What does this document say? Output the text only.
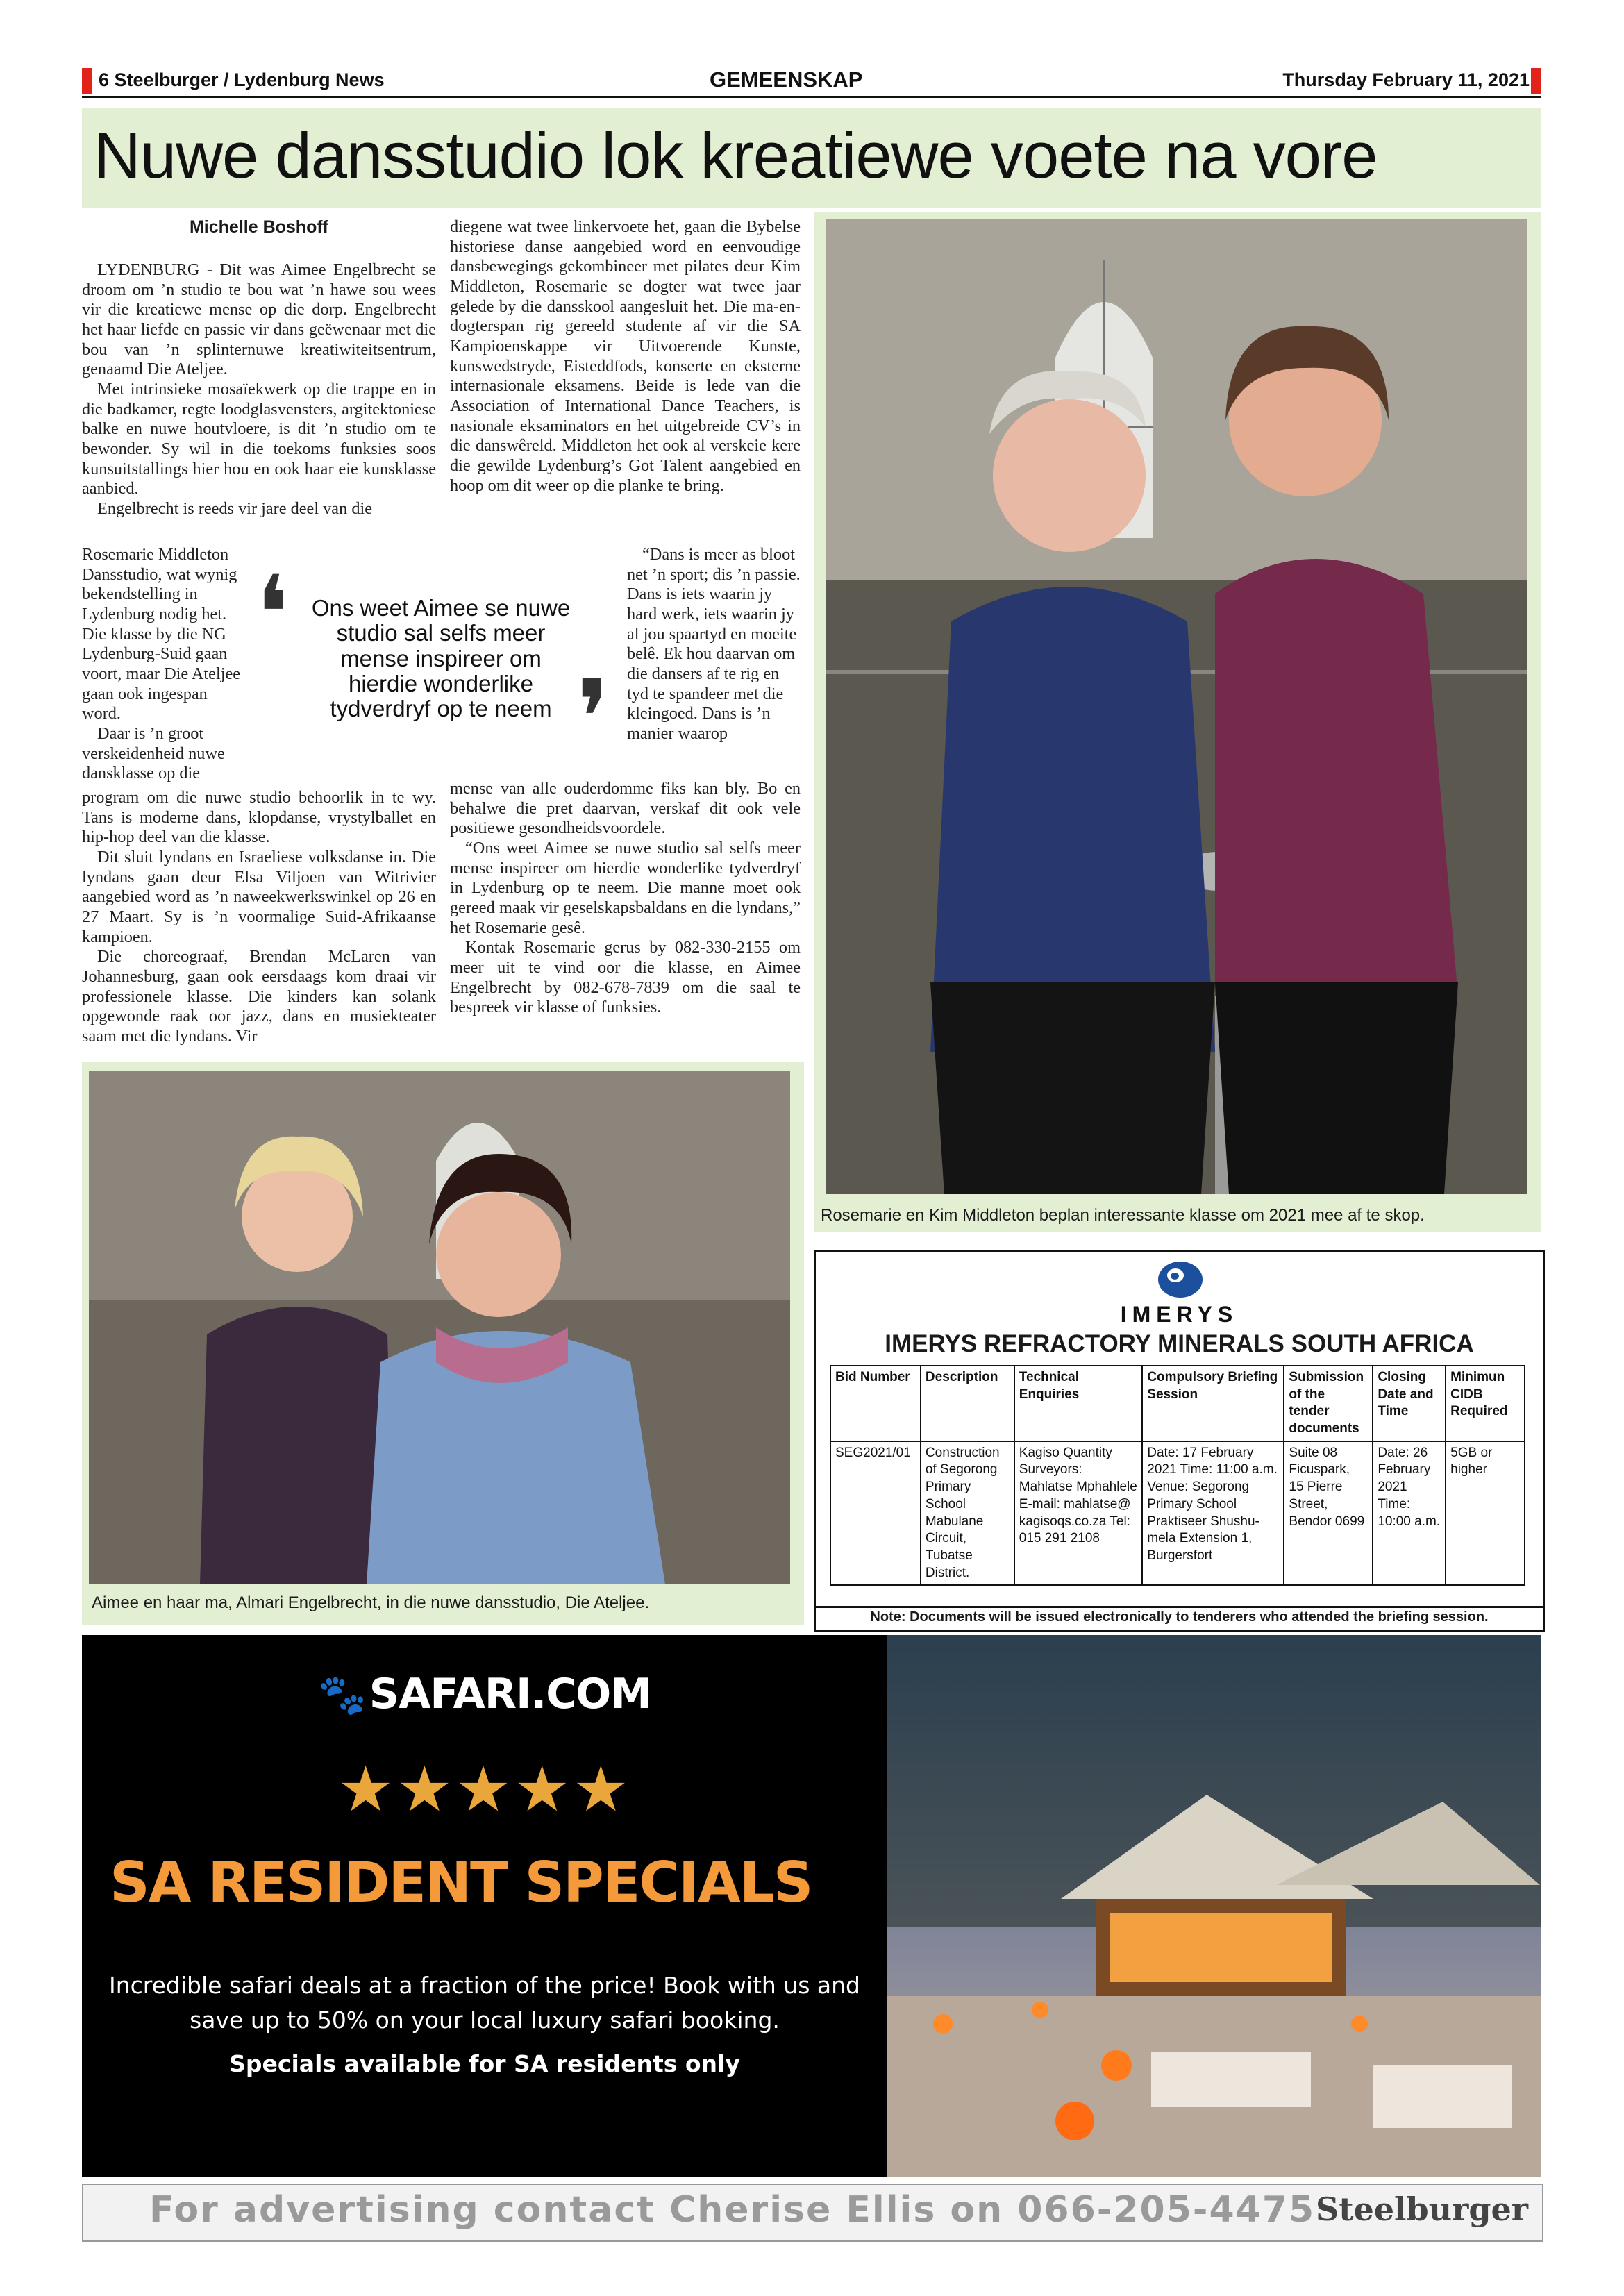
6 Steelburger / Lydenburg News	GEMEENSKAP	Thursday February 11, 2021
Nuwe dansstudio lok kreatiewe voete na vore
Michelle Boshoff

LYDENBURG - Dit was Aimee Engelbrecht se droom om ’n studio te bou wat ’n hawe sou wees vir die kreatiewe mense op die dorp. Engelbrecht het haar liefde en passie vir dans geëwenaar met die bou van ’n splinternuwe kreatiwiteitsentrum, genaamd Die Ateljee.

Met intrinsieke mosaïekwerk op die trappe en in die badkamer, regte loodglasvensters, argitektoniese balke en nuwe houtvloere, is dit ’n studio om te bewonder. Sy wil in die toekoms funksies soos kunsuitstallings hier hou en ook haar eie kunsklasse aanbied.

Engelbrecht is reeds vir jare deel van die

Rosemarie Middleton Dansstudio, wat wynig bekendstelling in Lydenburg nodig het. Die klasse by die NG Lydenburg-Suid gaan voort, maar Die Ateljee gaan ook ingespan word.

Daar is ’n groot verskeidenheid nuwe dansklasse op die

program om die nuwe studio behoorlik in te wy. Tans is moderne dans, klopdanse, vrystylballet en hip-hop deel van die klasse.

Dit sluit lyndans en Israeliese volksdanse in. Die lyndans gaan deur Elsa Viljoen van Witrivier aangebied word as ’n naweekwerkswinkel op 26 en 27 Maart. Sy is ’n voormalige Suid-Afrikaanse kampioen.

Die choreograaf, Brendan McLaren van Johannesburg, gaan ook eersdaags kom draai vir professionele klasse. Die kinders kan solank opgewonde raak oor jazz, dans en musiekteater saam met die lyndans. Vir

diegene wat twee linkervoete het, gaan die Bybelse historiese danse aangebied word en eenvoudige dansbewegings gekombineer met pilates deur Kim Middleton, Rosemarie se dogter wat twee jaar gelede by die dansskool aangesluit het. Die ma-en-dogterspan rig gereeld studente af vir die SA Kampioenskappe vir Uitvoerende Kunste, kunswedstryde, Eisteddfods, konserte en eksterne internasionale eksamens. Beide is lede van die Association of International Dance Teachers, is nasionale eksaminators en het uitgebreide CV’s in die danswêreld. Middleton het ook al verskeie kere die gewilde Lydenburg’s Got Talent aangebied en hoop om dit weer op die planke te bring.

“Dans is meer as bloot net ’n sport; dis ’n passie. Dans is iets waarin jy hard werk, iets waarin jy al jou spaartyd en moeite belê. Ek hou daarvan om die dansers af te rig en tyd te spandeer met die kleingoed. Dans is ’n manier waarop

mense van alle ouderdomme fiks kan bly. Bo en behalwe die pret daarvan, verskaf dit ook vele positiewe gesondheidsvoordele.

“Ons weet Aimee se nuwe studio sal selfs meer mense inspireer om hierdie wonderlike tydverdryf in Lydenburg op te neem. Die manne moet ook gereed maak vir geselskapsbaldans en die lyndans,” het Rosemarie gesê.

Kontak Rosemarie gerus by 082-330-2155 om meer uit te vind oor die klasse, en Aimee Engelbrecht by 082-678-7839 om die saal te bespreek vir klasse of funksies.

❛ Ons weet Aimee se nuwe studio sal selfs meer mense inspireer om hierdie wonderlike tydverdryf op te neem ❜
Rosemarie en Kim Middleton beplan interessante klasse om 2021 mee af te skop.
Aimee en haar ma, Almari Engelbrecht, in die nuwe dansstudio, Die Ateljee.
IMERYS
IMERYS REFRACTORY MINERALS SOUTH AFRICA
Bid Number	Description	Technical Enquiries	Compulsory Briefing Session	Submission of the tender documents	Closing Date and Time	Minimun CIDB Required
SEG2021/01	Construction of Segorong Primary School Mabulane Circuit, Tubatse District.	Kagiso Quantity Surveyors: Mahlatse Mphahlele E-mail: mahlatse@ kagisoqs.co.za Tel: 015 291 2108	Date: 17 February 2021 Time: 11:00 a.m. Venue: Segorong Primary School Praktiseer Shushu-mela Extension 1, Burgersfort	Suite 08 Ficuspark, 15 Pierre Street, Bendor 0699	Date: 26 February 2021 Time: 10:00 a.m.	5GB or higher
Note: Documents will be issued electronically to tenderers who attended the briefing session.
🐾 SAFARI.COM
★★★★★
SA RESIDENT SPECIALS
Incredible safari deals at a fraction of the price! Book with us and
save up to 50% on your local luxury safari booking.
Specials available for SA residents only
For advertising contact Cherise Ellis on 066-205-4475 Steelburger
